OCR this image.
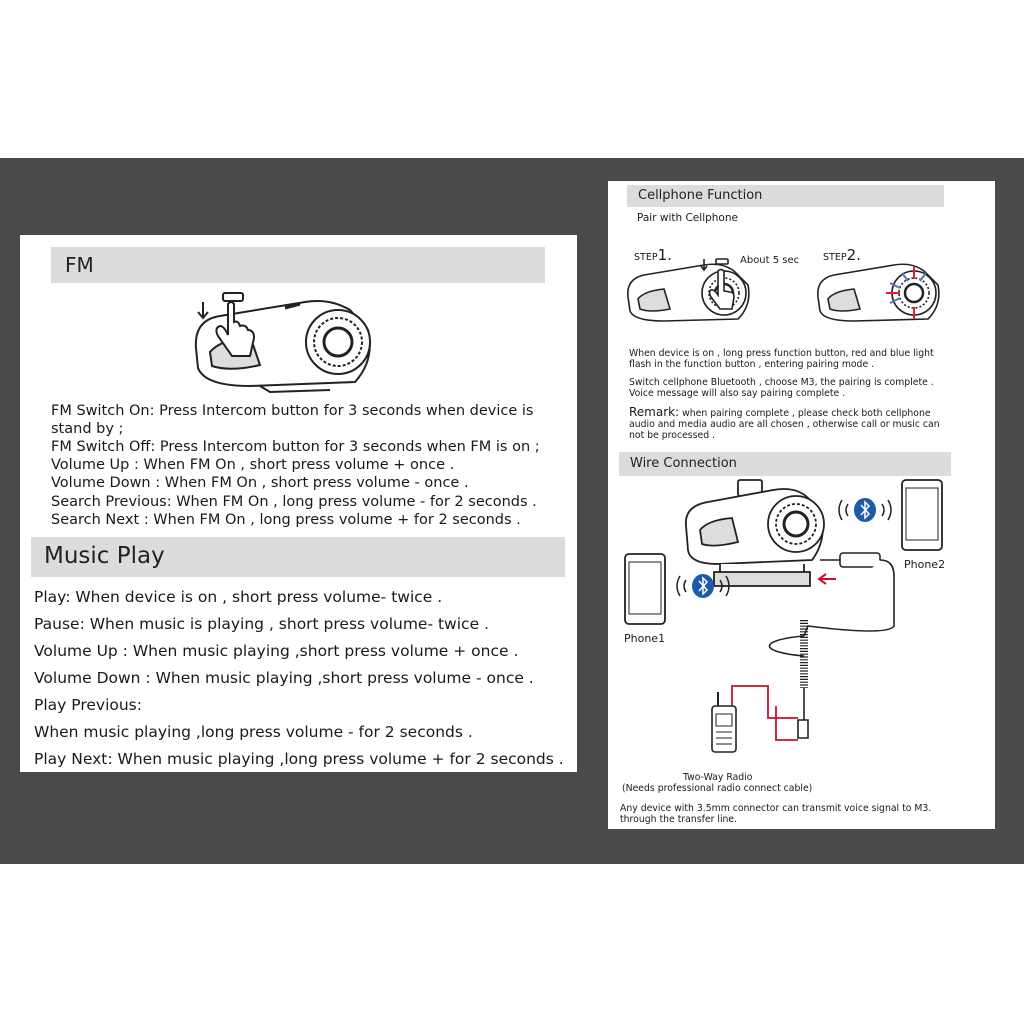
FM
FM Switch On: Press Intercom button for 3 seconds when device is
stand by ;
FM Switch Off: Press Intercom button for 3 seconds when FM is on ;
Volume Up : When FM On , short press volume + once .
Volume Down : When FM On , short press volume - once .
Search Previous: When FM On , long press volume - for 2 seconds .
Search Next : When FM On , long press volume + for 2 seconds .
Music Play
Play: When device is on , short press volume- twice .
Pause: When music is playing , short press volume- twice .
Volume Up : When music playing ,short press volume + once .
Volume Down : When music playing ,short press volume - once .
Play Previous:
When music playing ,long press volume - for 2 seconds .
Play Next: When music playing ,long press volume + for 2 seconds .
Cellphone Function
Pair with Cellphone
STEP1.	About 5 sec	STEP2.
When device is on , long press function button, red and blue light
flash in the function button , entering pairing mode .
Switch cellphone Bluetooth , choose M3, the pairing is complete .
Voice message will also say pairing complete .
Remark: when pairing complete , please check both cellphone
audio and media audio are all chosen , otherwise call or music can
not be processed .
Wire Connection
Phone2
Phone1
Two-Way Radio
(Needs professional radio connect cable)
Any device with 3.5mm connector can transmit voice signal to M3.
through the transfer line.
